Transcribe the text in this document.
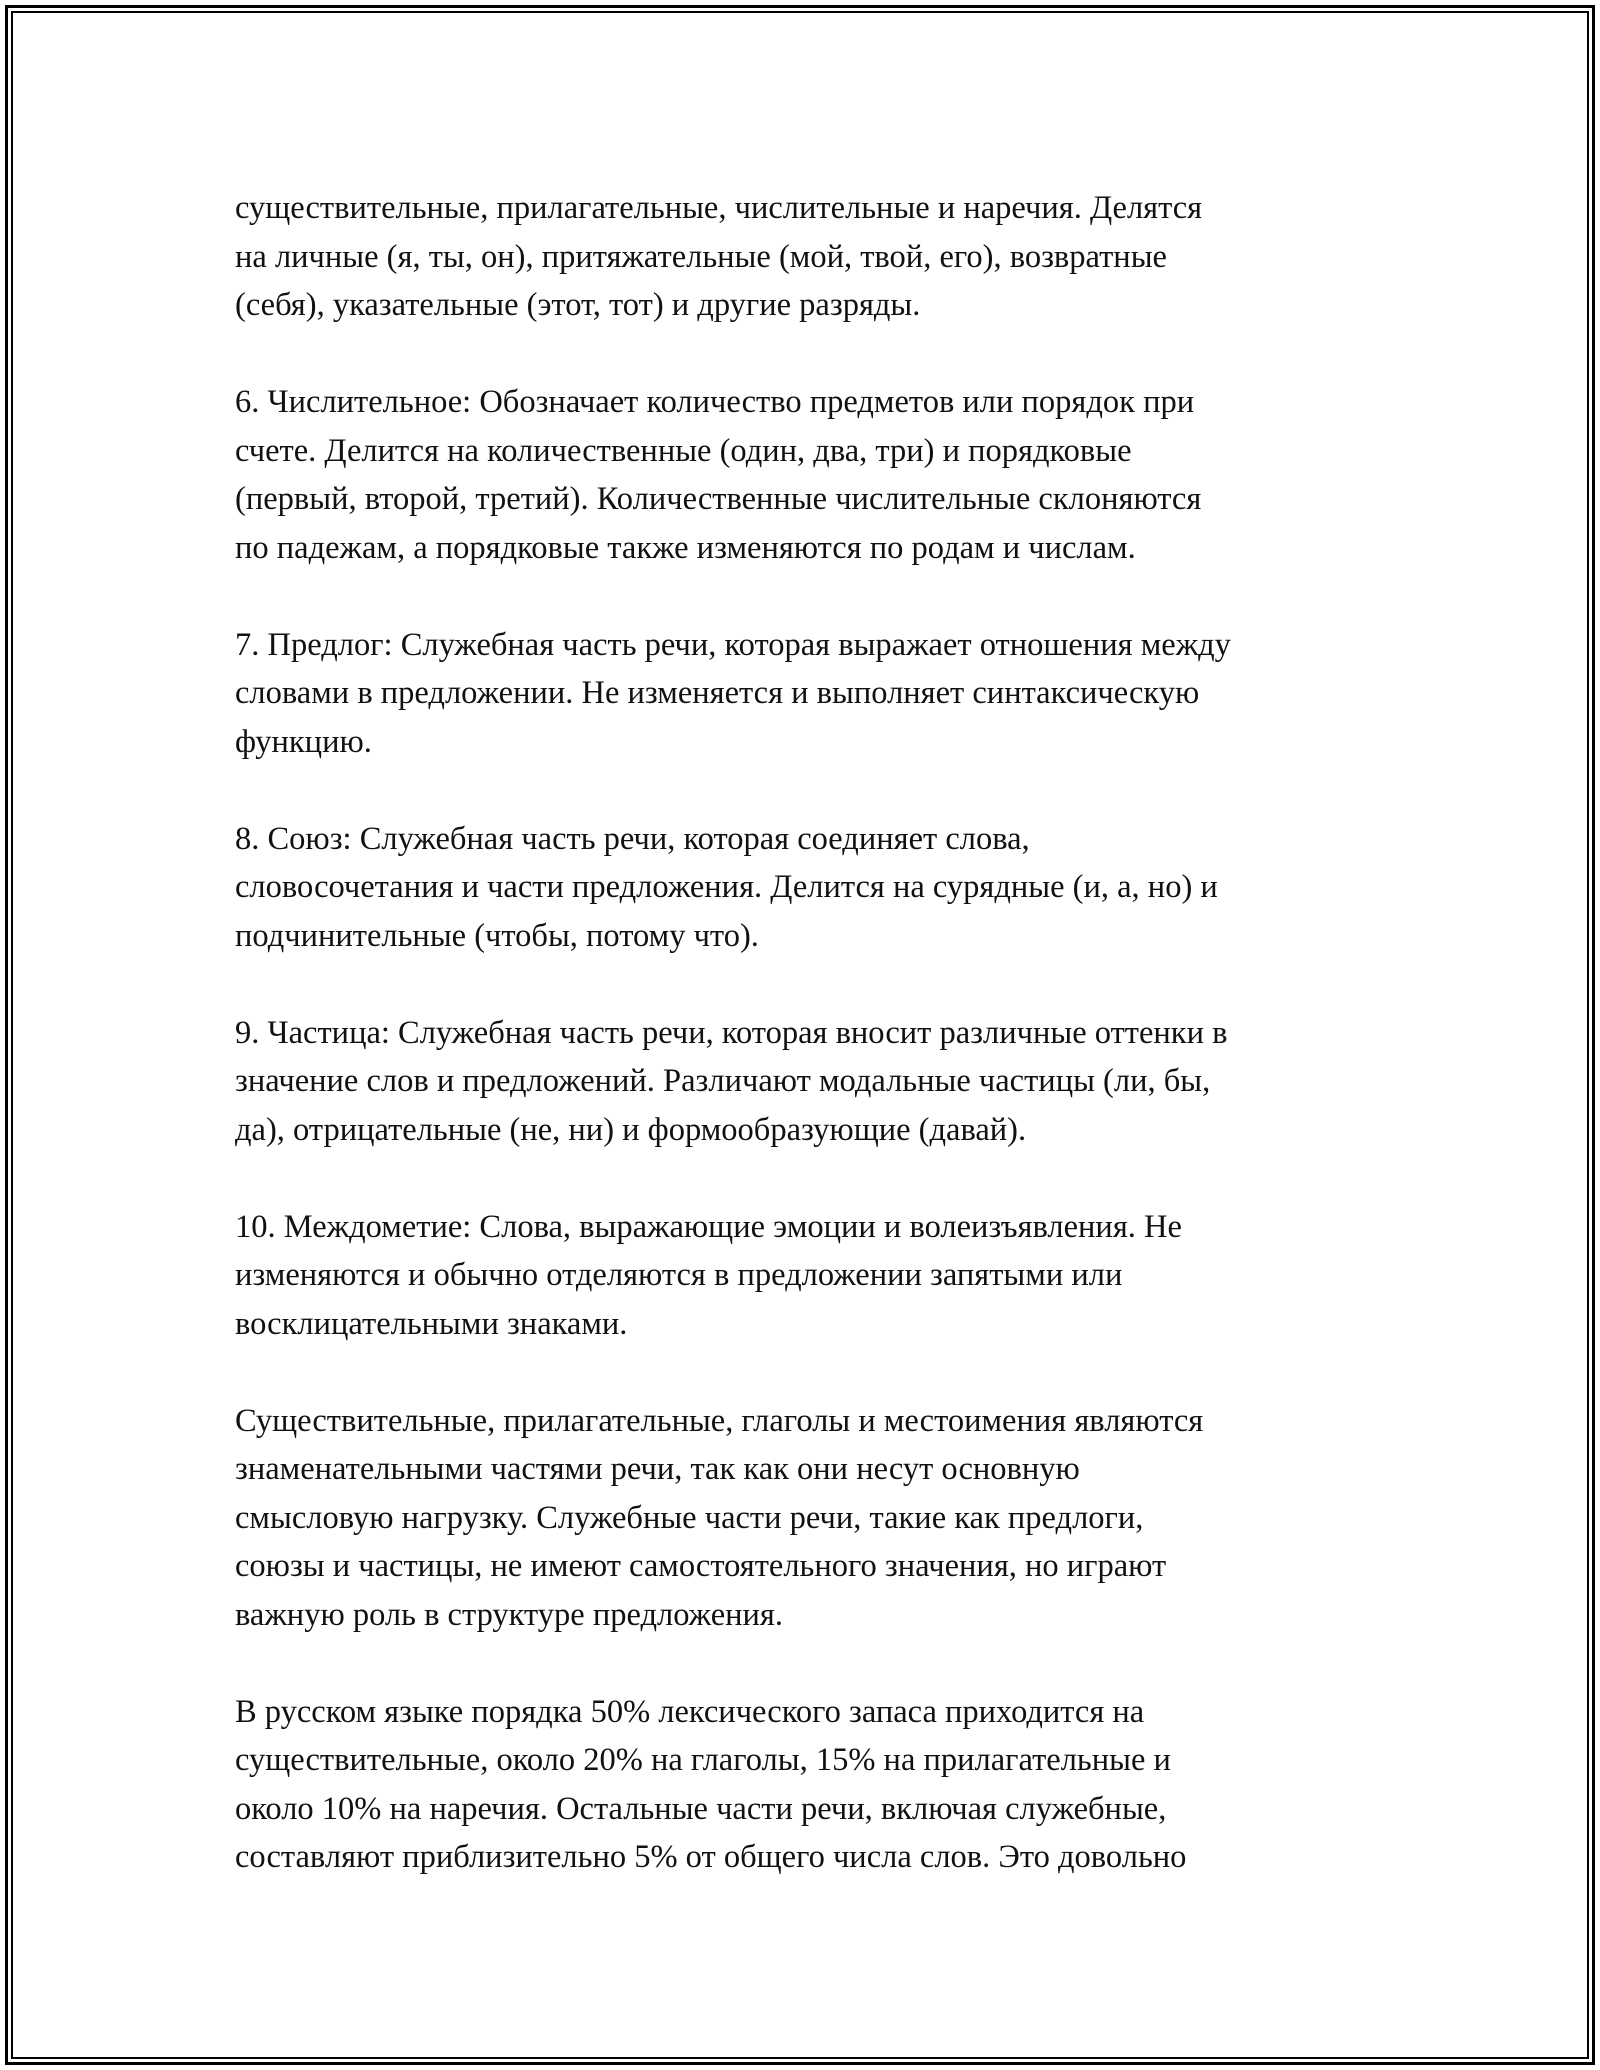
существительные, прилагательные, числительные и наречия. Делятся
на личные (я, ты, он), притяжательные (мой, твой, его), возвратные
(себя), указательные (этот, тот) и другие разряды.

6. Числительное: Обозначает количество предметов или порядок при
счете. Делится на количественные (один, два, три) и порядковые
(первый, второй, третий). Количественные числительные склоняются
по падежам, а порядковые также изменяются по родам и числам.

7. Предлог: Служебная часть речи, которая выражает отношения между
словами в предложении. Не изменяется и выполняет синтаксическую
функцию.

8. Союз: Служебная часть речи, которая соединяет слова,
словосочетания и части предложения. Делится на сурядные (и, а, но) и
подчинительные (чтобы, потому что).

9. Частица: Служебная часть речи, которая вносит различные оттенки в
значение слов и предложений. Различают модальные частицы (ли, бы,
да), отрицательные (не, ни) и формообразующие (давай).

10. Междометие: Слова, выражающие эмоции и волеизъявления. Не
изменяются и обычно отделяются в предложении запятыми или
восклицательными знаками.

Существительные, прилагательные, глаголы и местоимения являются
знаменательными частями речи, так как они несут основную
смысловую нагрузку. Служебные части речи, такие как предлоги,
союзы и частицы, не имеют самостоятельного значения, но играют
важную роль в структуре предложения.

В русском языке порядка 50% лексического запаса приходится на
существительные, около 20% на глаголы, 15% на прилагательные и
около 10% на наречия. Остальные части речи, включая служебные,
составляют приблизительно 5% от общего числа слов. Это довольно
